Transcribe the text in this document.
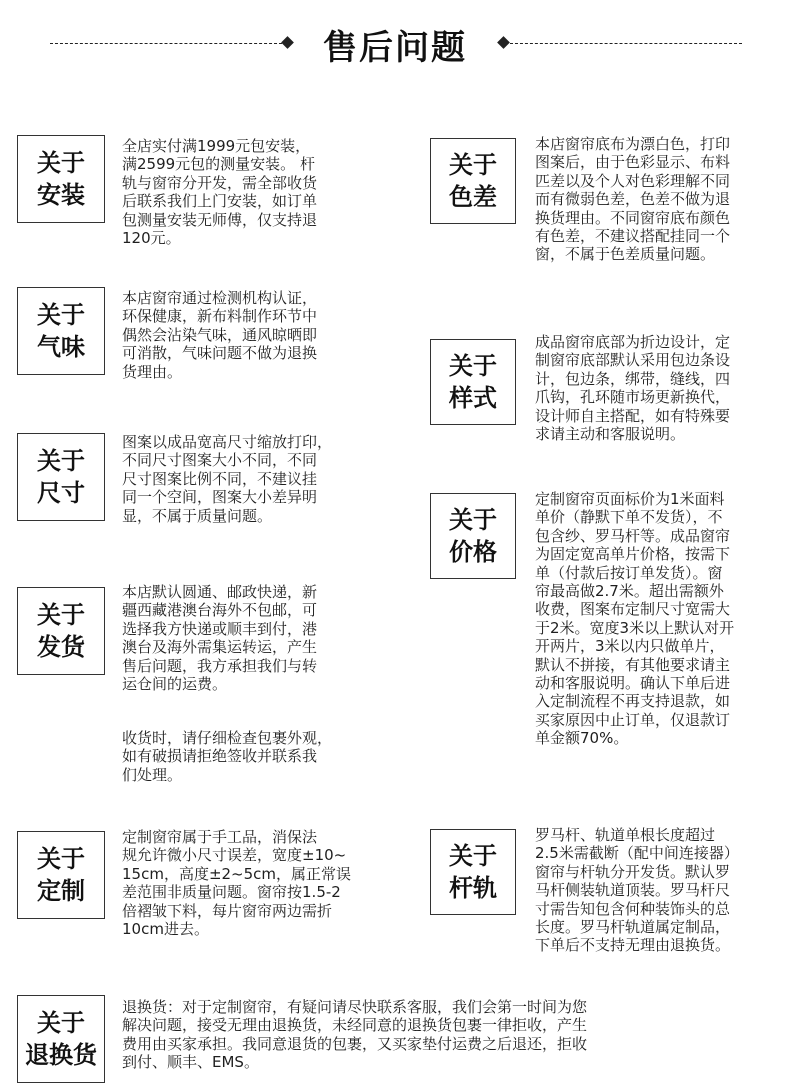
售后问题
关于
安装

全店实付满1999元包安装，
满2599元包的测量安装。 杆
轨与窗帘分开发，需全部收货
后联系我们上门安装，如订单
包测量安装无师傅，仅支持退
120元。

关于
色差

本店窗帘底布为漂白色，打印
图案后，由于色彩显示、布料
匹差以及个人对色彩理解不同
而有微弱色差，色差不做为退
换货理由。不同窗帘底布颜色
有色差，不建议搭配挂同一个
窗，不属于色差质量问题。

关于
气味

本店窗帘通过检测机构认证，
环保健康，新布料制作环节中
偶然会沾染气味，通风晾晒即
可消散，气味问题不做为退换
货理由。	关于
样式

成品窗帘底部为折边设计，定
制窗帘底部默认采用包边条设
计，包边条，绑带，缝线，四
爪钩，孔环随市场更新换代，
设计师自主搭配，如有特殊要
求请主动和客服说明。

关于
尺寸

图案以成品宽高尺寸缩放打印，
不同尺寸图案大小不同，不同
尺寸图案比例不同，不建议挂
同一个空间，图案大小差异明
显，不属于质量问题。	关于
价格

定制窗帘页面标价为1米面料
单价（静默下单不发货），不
包含纱、罗马杆等。成品窗帘
为固定宽高单片价格，按需下
单（付款后按订单发货）。窗
帘最高做2.7米。超出需额外
收费，图案布定制尺寸宽需大
于2米。宽度3米以上默认对开
开两片，3米以内只做单片，
默认不拼接，有其他要求请主
动和客服说明。确认下单后进
入定制流程不再支持退款，如
买家原因中止订单，仅退款订
单金额70%。

关于
发货

本店默认圆通、邮政快递，新
疆西藏港澳台海外不包邮，可
选择我方快递或顺丰到付，港
澳台及海外需集运转运，产生
售后问题，我方承担我们与转
运仓间的运费。

收货时，请仔细检查包裹外观，
如有破损请拒绝签收并联系我
们处理。

关于
定制

定制窗帘属于手工品，消保法
规允许微小尺寸误差，宽度±10~
15cm，高度±2~5cm，属正常误
差范围非质量问题。窗帘按1.5-2
倍褶皱下料，每片窗帘两边需折
10cm进去。

关于
杆轨

罗马杆、轨道单根长度超过
2.5米需截断（配中间连接器）
窗帘与杆轨分开发货。默认罗
马杆侧装轨道顶装。罗马杆尺
寸需告知包含何种装饰头的总
长度。罗马杆轨道属定制品，
下单后不支持无理由退换货。

关于
退换货

退换货：对于定制窗帘，有疑问请尽快联系客服，我们会第一时间为您
解决问题，接受无理由退换货，未经同意的退换货包裹一律拒收，产生
费用由买家承担。我同意退货的包裹，又买家垫付运费之后退还，拒收
到付、顺丰、EMS。
